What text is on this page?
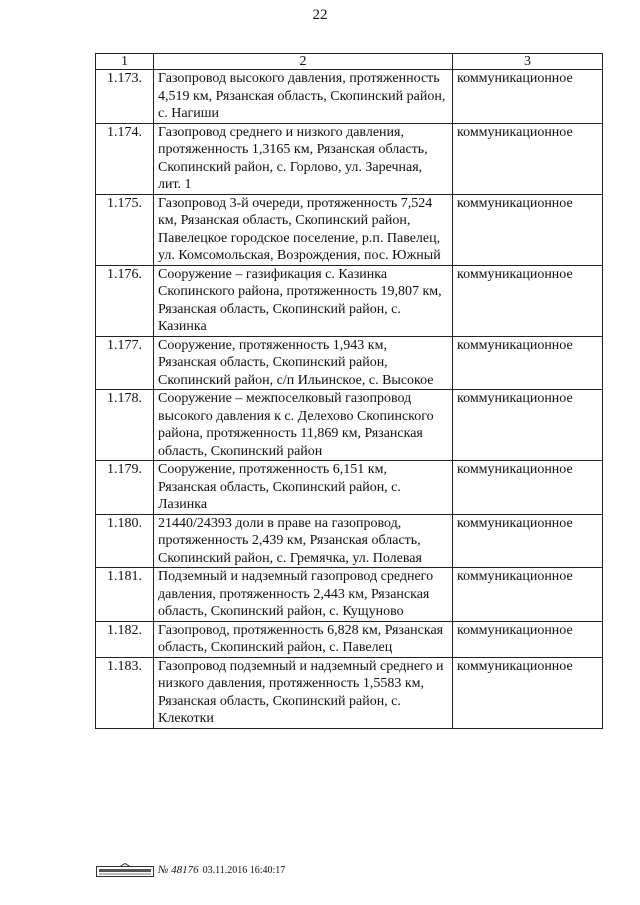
22
1	2	3
1.173.	Газопровод высокого давления, протяженность 4,519 км, Рязанская область, Скопинский район, с. Нагиши	коммуникационное
1.174.	Газопровод среднего и низкого давления, протяженность 1,3165 км, Рязанская область, Скопинский район, с. Горлово, ул. Заречная, лит. 1	коммуникационное
1.175.	Газопровод 3-й очереди, протяженность 7,524 км, Рязанская область, Скопинский район, Павелецкое городское поселение, р.п. Павелец, ул. Комсомольская, Возрождения, пос. Южный	коммуникационное
1.176.	Сооружение – газификация с. Казинка Скопинского района, протяженность 19,807 км, Рязанская область, Скопинский район, с. Казинка	коммуникационное
1.177.	Сооружение, протяженность 1,943 км, Рязанская область, Скопинский район, Скопинский район, с/п Ильинское, с. Высокое	коммуникационное
1.178.	Сооружение – межпоселковый газопровод высокого давления к с. Делехово Скопинского района, протяженность 11,869 км, Рязанская область, Скопинский район	коммуникационное
1.179.	Сооружение, протяженность 6,151 км, Рязанская область, Скопинский район, с. Лазинка	коммуникационное
1.180.	21440/24393 доли в праве на газопровод, протяженность 2,439 км, Рязанская область, Скопинский район, с. Гремячка, ул. Полевая	коммуникационное
1.181.	Подземный и надземный газопровод среднего давления, протяженность 2,443 км, Рязанская область, Скопинский район, с. Кущуново	коммуникационное
1.182.	Газопровод, протяженность 6,828 км, Рязанская область, Скопинский район, с. Павелец	коммуникационное
1.183.	Газопровод подземный и надземный среднего и низкого давления, протяженность 1,5583 км, Рязанская область, Скопинский район, с. Клекотки	коммуникационное
№ 48176 03.11.2016 16:40:17
